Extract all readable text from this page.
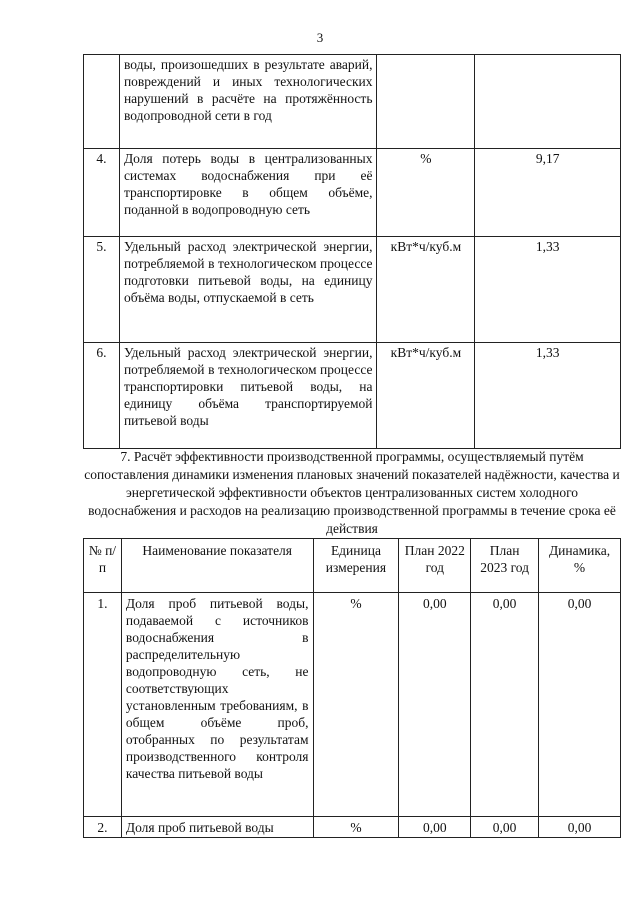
3
	воды, произошедших в результате аварий, повреждений и иных технологических нарушений в расчёте на протяжённость водопроводной сети в год		
4.	Доля потерь воды в централизованных системах водоснабжения при её транспортировке в общем объёме, поданной в водопроводную сеть	%	9,17
5.	Удельный расход электрической энергии, потребляемой в технологическом процессе подготовки питьевой воды, на единицу объёма воды, отпускаемой в сеть	кВт*ч/куб.м	1,33
6.	Удельный расход электрической энергии, потребляемой в технологическом процессе транспортировки питьевой воды, на единицу объёма транспортируемой питьевой воды	кВт*ч/куб.м	1,33

7. Расчёт эффективности производственной программы, осуществляемый путём сопоставления динамики изменения плановых значений показателей надёжности, качества и энергетической эффективности объектов централизованных систем холодного водоснабжения и расходов на реализацию производственной программы в течение срока её действия

№ п/п	Наименование показателя	Единица измерения	План 2022 год	План 2023 год	Динамика, %
1.	Доля проб питьевой воды, подаваемой с источников водоснабжения в распределительную водопроводную сеть, не соответствующих установленным требованиям, в общем объёме проб, отобранных по результатам производственного контроля качества питьевой воды	%	0,00	0,00	0,00
2.	Доля проб питьевой воды	%	0,00	0,00	0,00
